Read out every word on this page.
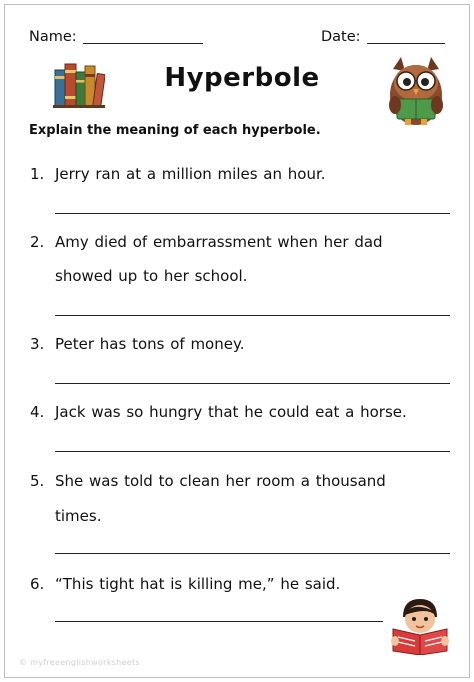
Name:	Date:
Hyperbole
Explain the meaning of each hyperbole.
1. Jerry ran at a million miles an hour.
2. Amy died of embarrassment when her dad
showed up to her school.
3. Peter has tons of money.
4. Jack was so hungry that he could eat a horse.
5. She was told to clean her room a thousand
times.
6. “This tight hat is killing me,” he said.
© myfreeenglishworksheets
